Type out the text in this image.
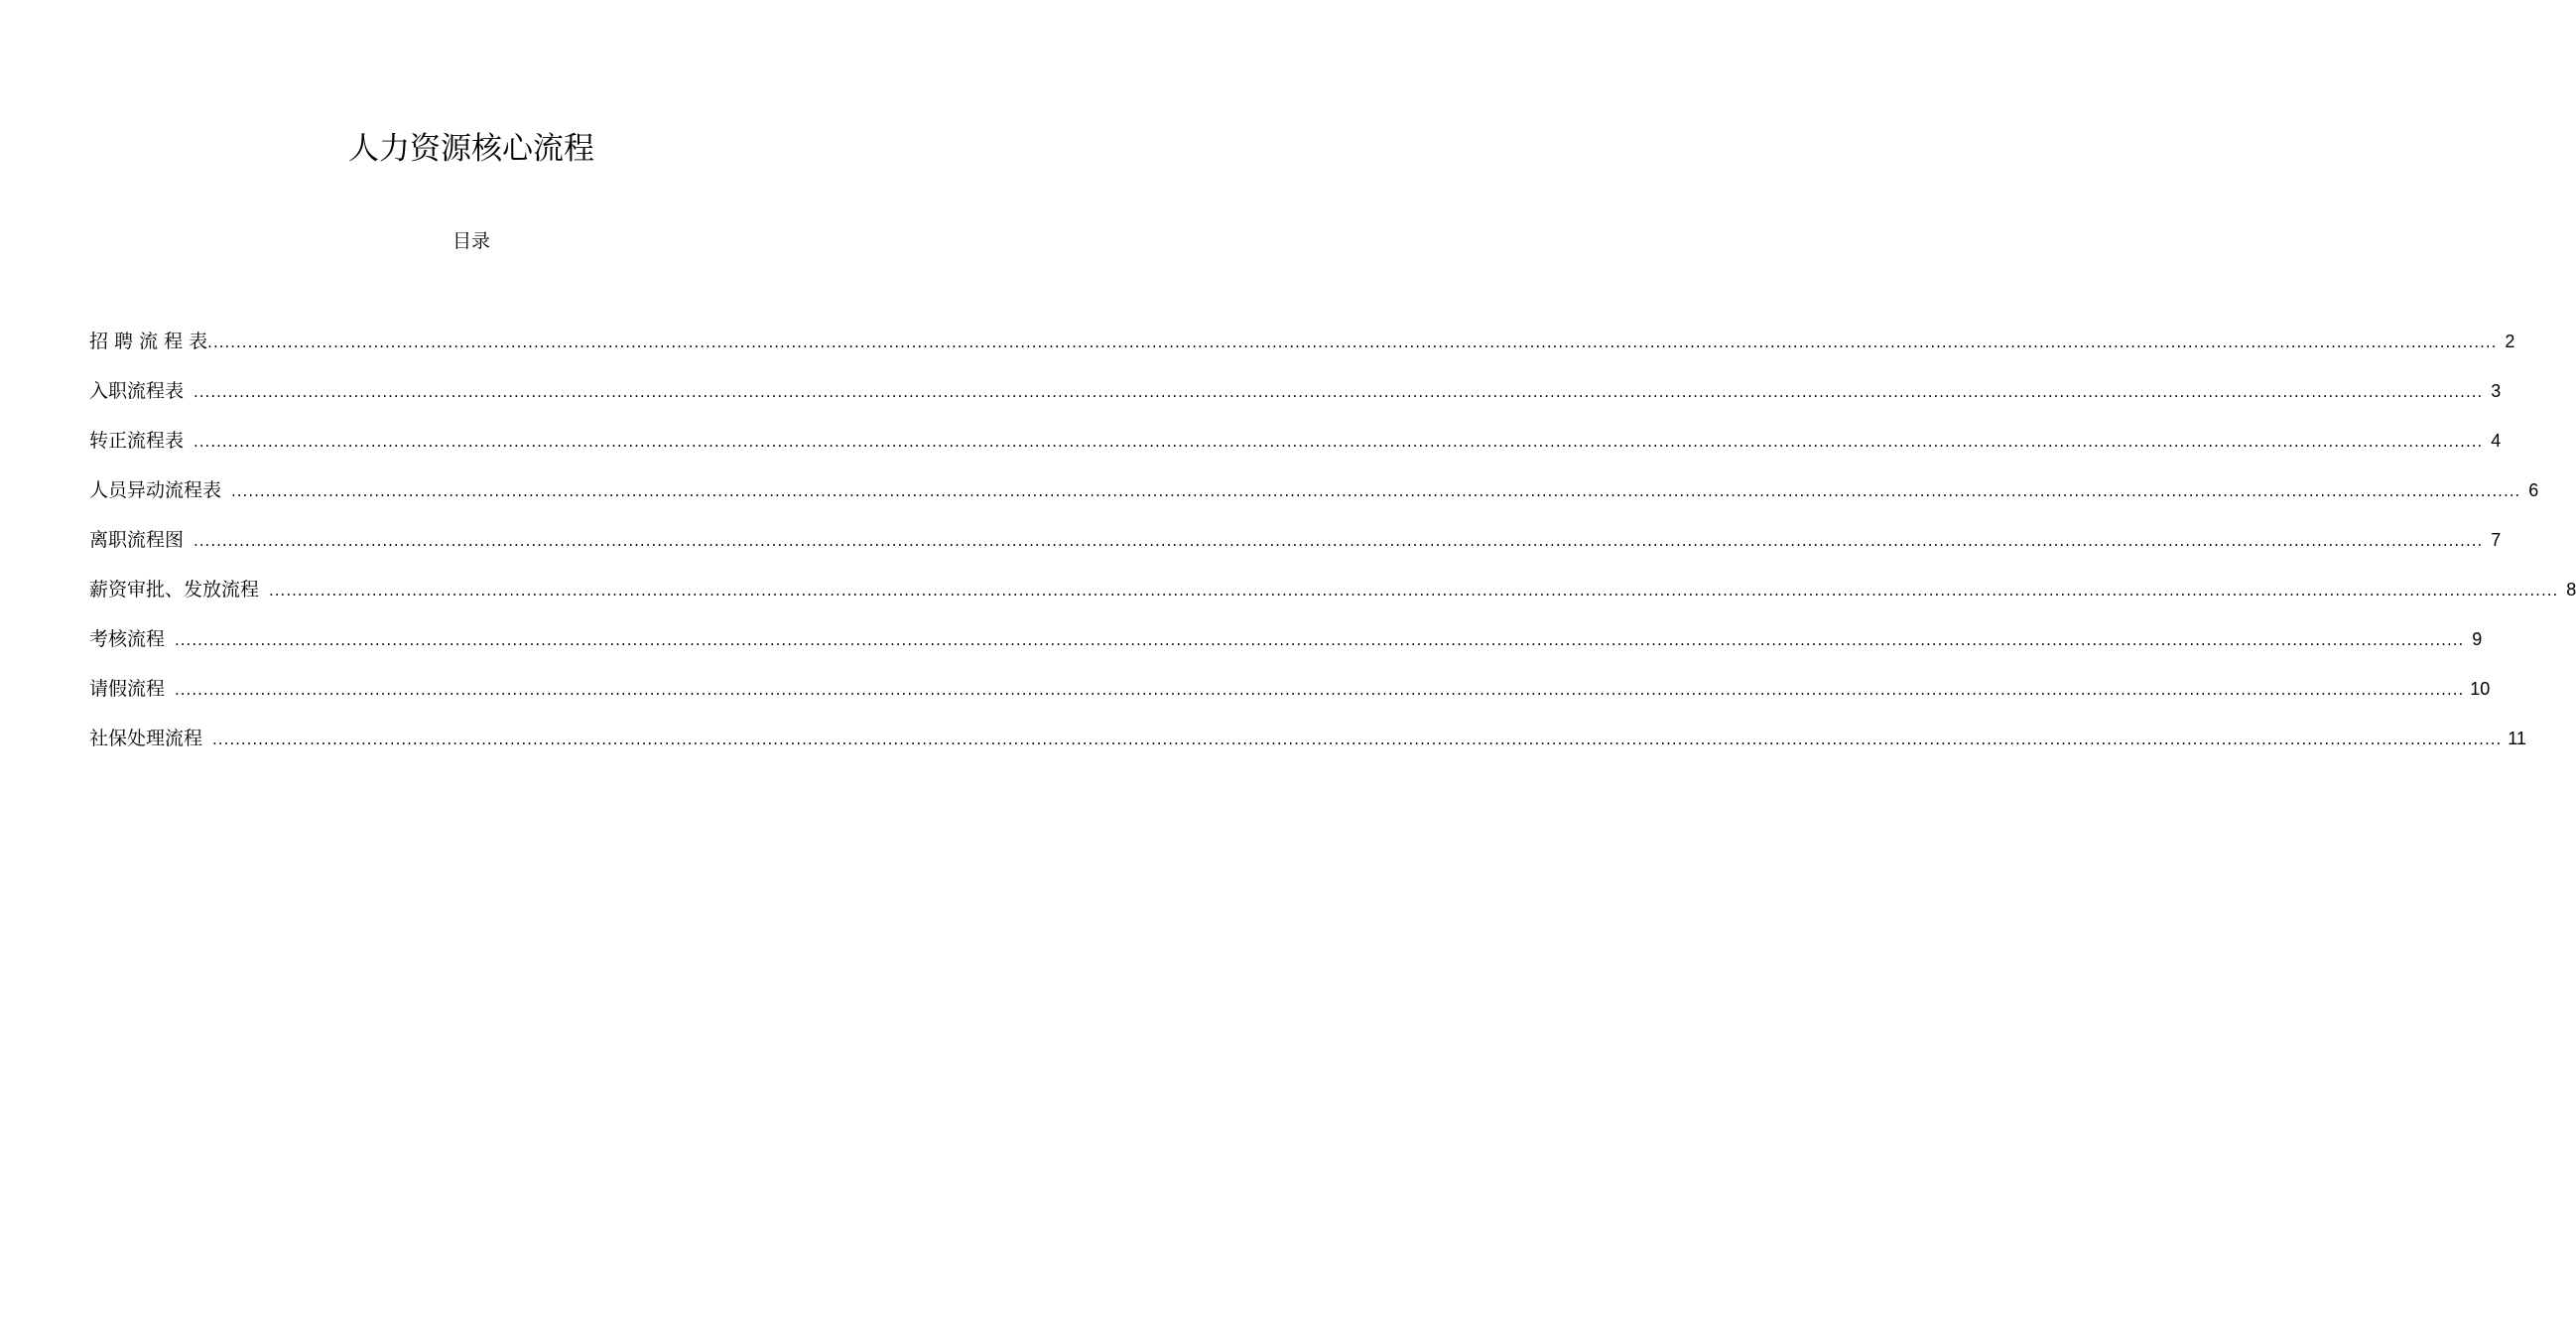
人力资源核心流程
目录
招 聘 流 程 表 ................................................................................................................................................................................................................................................................................................................................................................................................................ 2
入职流程表 ................................................................................................................................................................................................................................................................................................................................................................................................................ 3
转正流程表 ................................................................................................................................................................................................................................................................................................................................................................................................................ 4
人员异动流程表 ................................................................................................................................................................................................................................................................................................................................................................................................................ 6
离职流程图 ................................................................................................................................................................................................................................................................................................................................................................................................................ 7
薪资审批、发放流程 ................................................................................................................................................................................................................................................................................................................................................................................................................ 8
考核流程 ................................................................................................................................................................................................................................................................................................................................................................................................................ 9
请假流程 ................................................................................................................................................................................................................................................................................................................................................................................................................ 10
社保处理流程 ................................................................................................................................................................................................................................................................................................................................................................................................................ 11
